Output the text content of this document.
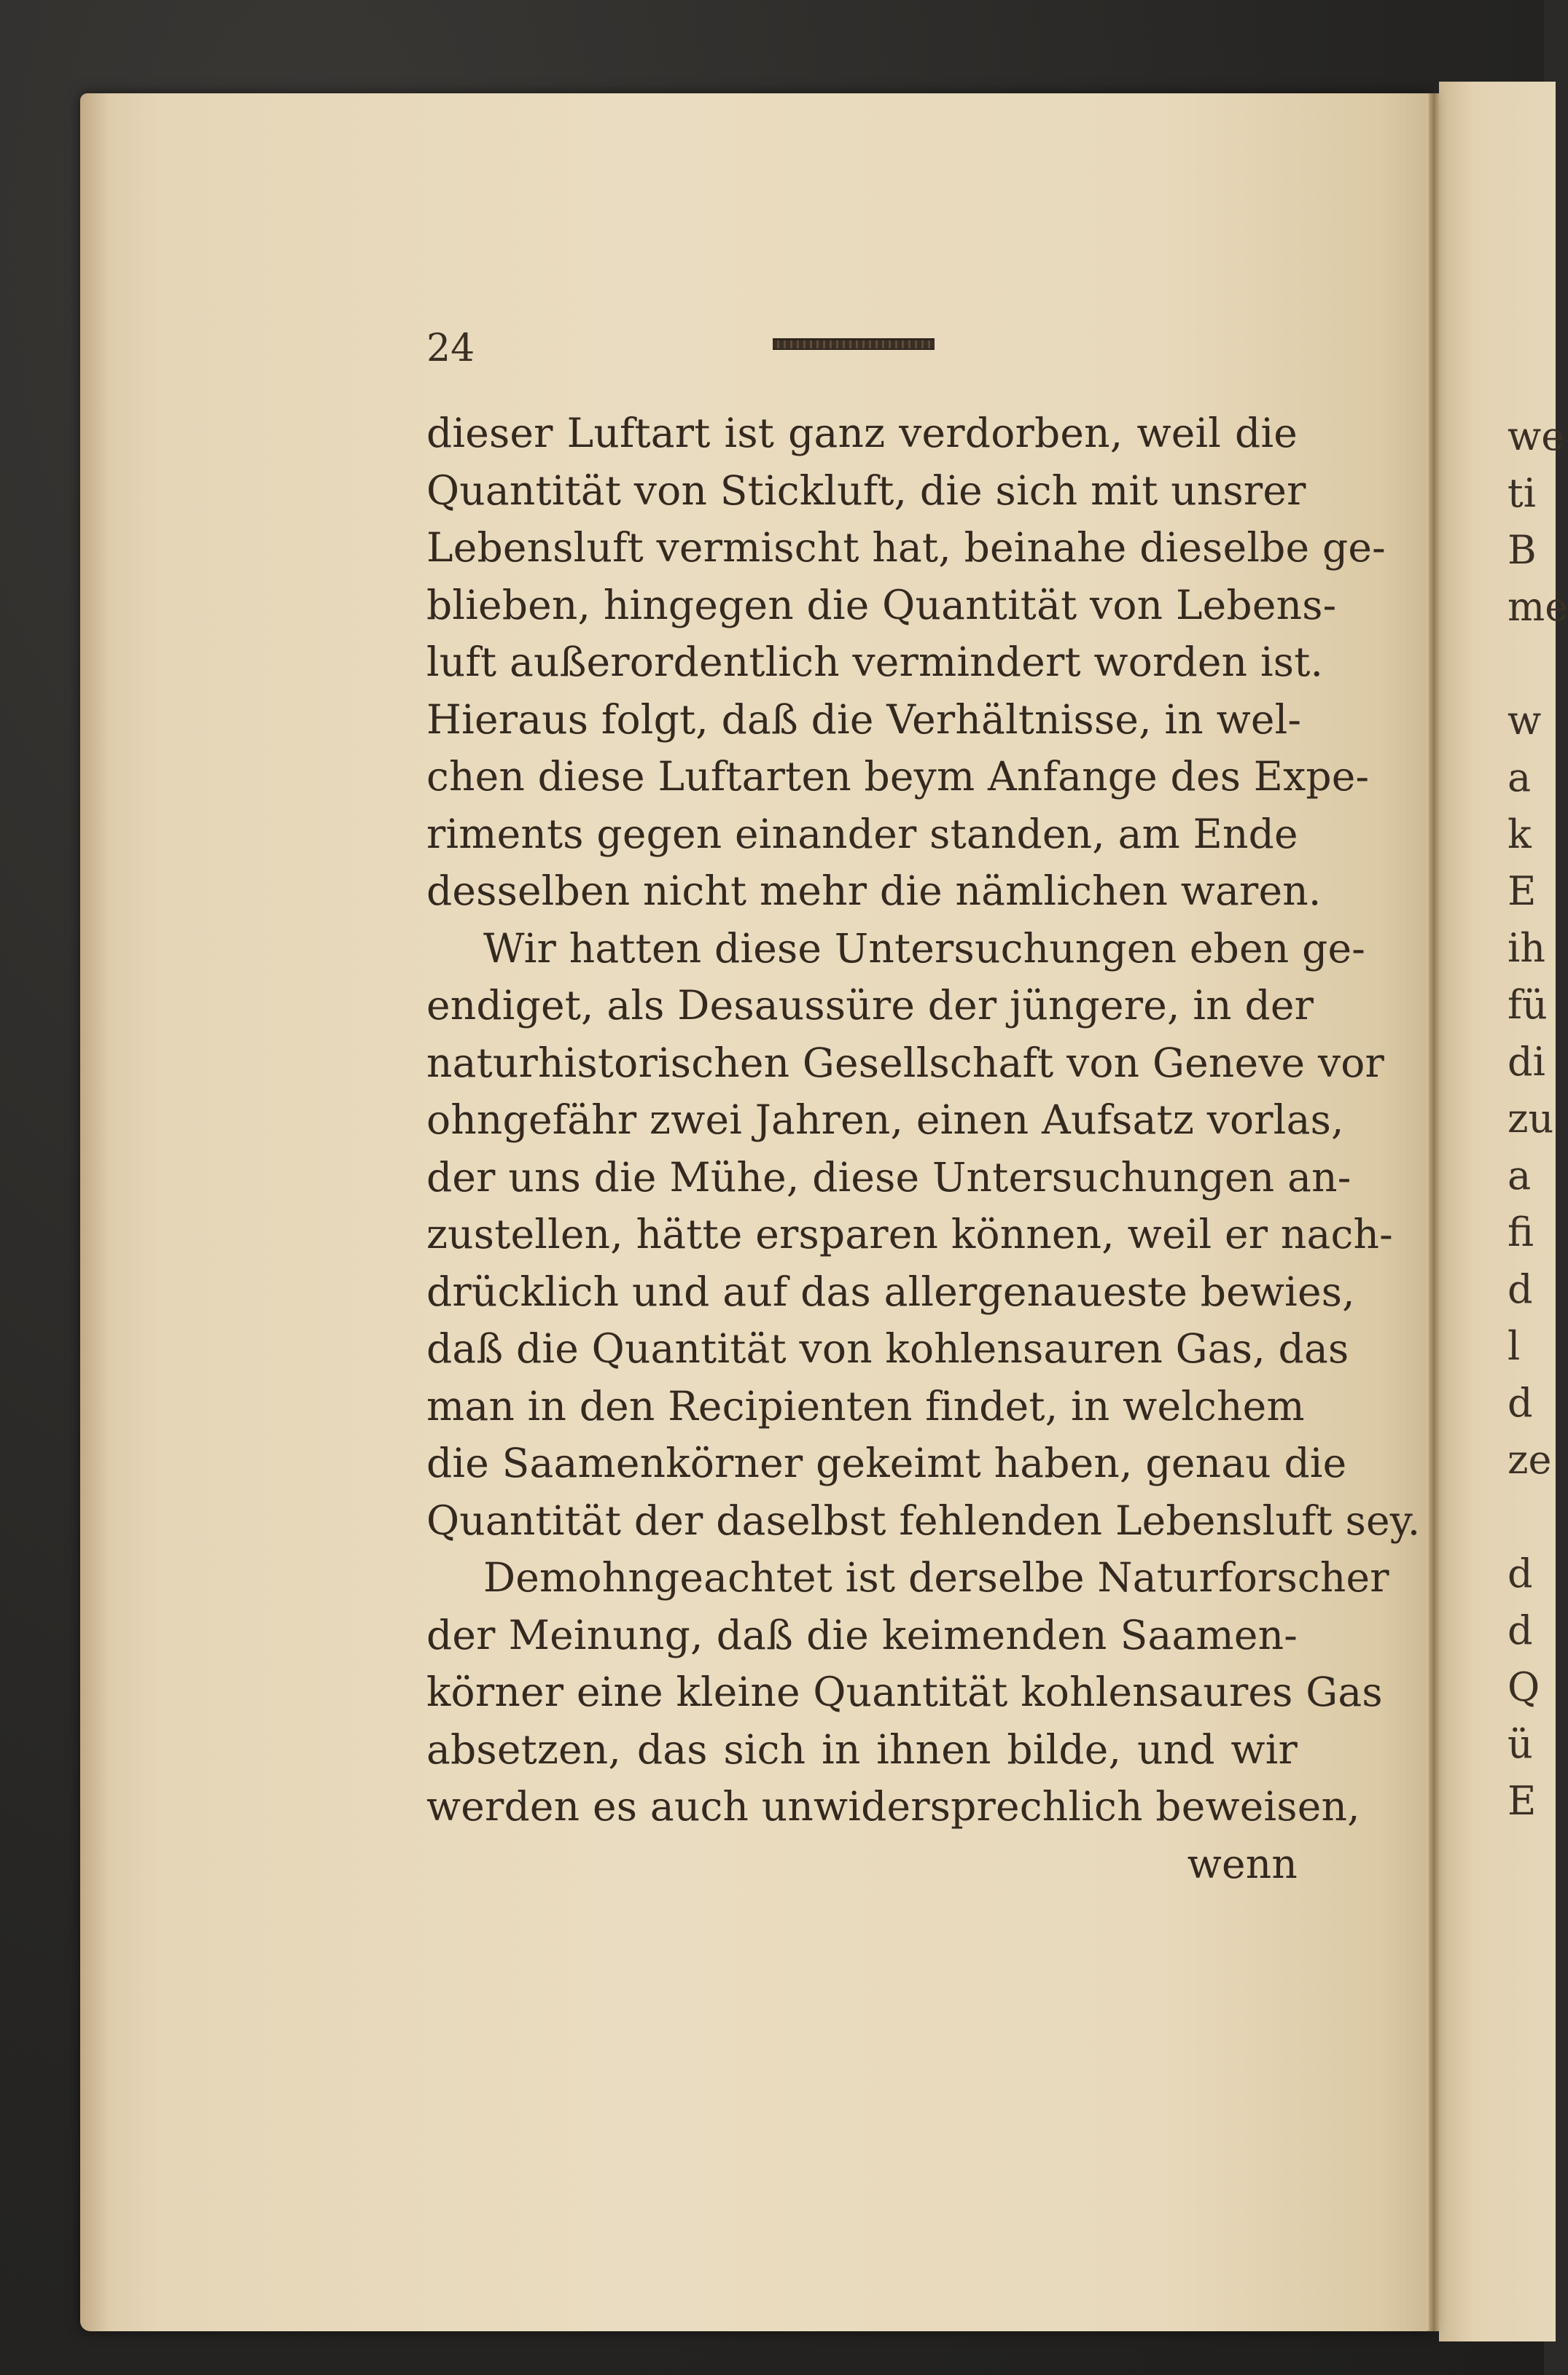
we
ti
B
me
w
a
k
E
ih
fü
di
zu
a
fi
d
l
d
ze
d
d
Q
ü
E
24
dieser Luftart ist ganz verdorben, weil die
Quantität von Stickluft, die sich mit unsrer
Lebensluft vermischt hat, beinahe dieselbe ge-
blieben, hingegen die Quantität von Lebens-
luft außerordentlich vermindert worden ist.
Hieraus folgt, daß die Verhältnisse, in wel-
chen diese Luftarten beym Anfange des Expe-
riments gegen einander standen, am Ende
desselben nicht mehr die nämlichen waren.
Wir hatten diese Untersuchungen eben ge-
endiget, als Desaussüre der jüngere, in der
naturhistorischen Gesellschaft von Geneve vor
ohngefähr zwei Jahren, einen Aufsatz vorlas,
der uns die Mühe, diese Untersuchungen an-
zustellen, hätte ersparen können, weil er nach-
drücklich und auf das allergenaueste bewies,
daß die Quantität von kohlensauren Gas, das
man in den Recipienten findet, in welchem
die Saamenkörner gekeimt haben, genau die
Quantität der daselbst fehlenden Lebensluft sey.
Demohngeachtet ist derselbe Naturforscher
der Meinung, daß die keimenden Saamen-
körner eine kleine Quantität kohlensaures Gas
absetzen, das sich in ihnen bilde, und wir
werden es auch unwidersprechlich beweisen,
wenn
